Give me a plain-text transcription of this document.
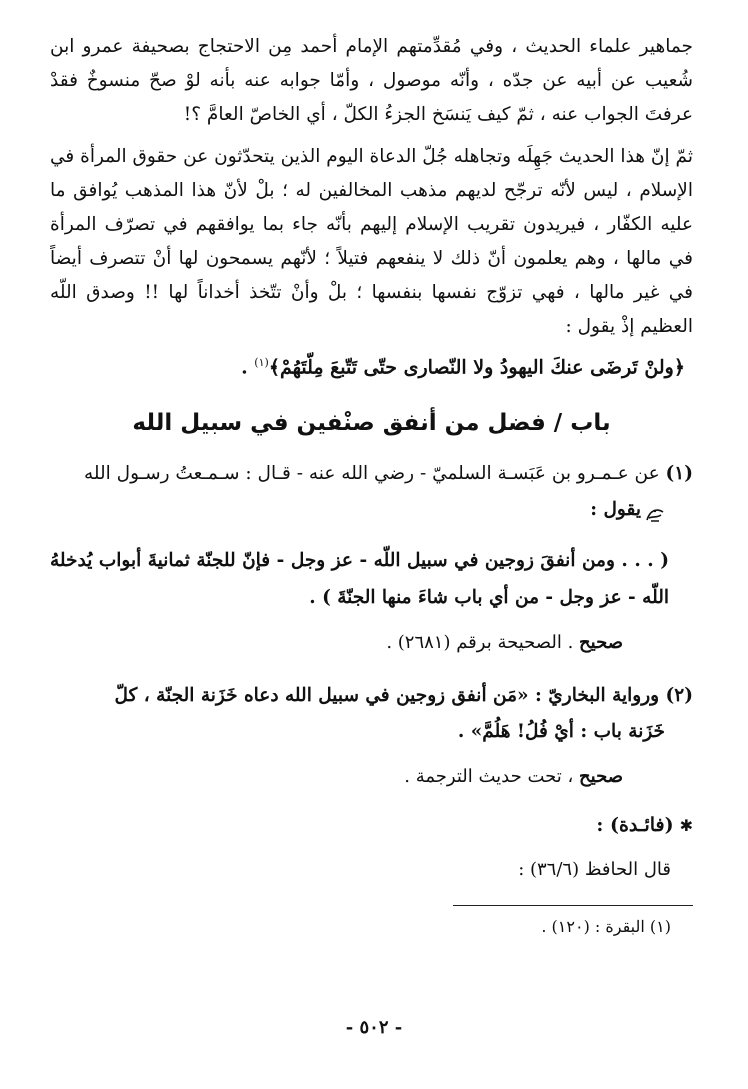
جماهير علماء الحديث ، وفي مُقدِّمتهم الإمام أحمد مِن الاحتجاج بصحيفة عمرو ابن شُعيب عن أبيه عن جدّه ، وأنّه موصول ، وأمّا جوابه عنه بأنه لوْ صحّ منسوخٌ فقدْ عرفتَ الجواب عنه ، ثمّ كيف يَنسَخ الجزءُ الكلّ ، أي الخاصّ العامَّ ؟!

ثمّ إنّ هذا الحديث جَهِلَه وتجاهله جُلّ الدعاة اليوم الذين يتحدّثون عن حقوق المرأة في الإسلام ، ليس لأنّه ترجّح لديهم مذهب المخالفين له ؛ بلْ لأنّ هذا المذهب يُوافق ما عليه الكفّار ، فيريدون تقريب الإسلام إليهم بأنّه جاء بما يوافقهم في تصرّف المرأة في مالها ، وهم يعلمون أنّ ذلك لا ينفعهم فتيلاً ؛ لأنّهم يسمحون لها أنْ تتصرف أيضاً في غير مالها ، فهي تزوّج نفسها بنفسها ؛ بلْ وأنْ تتّخذ أخداناً لها !! وصدق اللّه العظيم إذْ يقول :

﴿ولنْ تَرضَى عنكَ اليهودُ ولا النّصارى حتّى تَتّبعَ مِلّتَهُمْ﴾$^{(١)}$ .

باب / فضل من أنفق صنْفين في سبيل الله

(١) عن عـمـرو بن عَبَسـة السلميّ - رضي الله عنه - قـال : سـمـعتُ رسـول الله

يقول :

( . . . ومن أنفقَ زوجين في سبيل اللّه - عز وجل - فإنّ للجنّة ثمانيةَ أبواب يُدخلهُ اللّه - عز وجل - من أي باب شاءَ منها الجنّةَ ) .

صحيح . الصحيحة برقم (٢٦٨١) .

(٢) ورواية البخاريّ : «مَن أنفق زوجين في سبيل الله دعاه خَزَنة الجنّة ، كلّ

خَزَنة باب : أيْ فُلُ! هَلُمَّ» .

صحيح ، تحت حديث الترجمة .

✱(فائـدة) :

قال الحافظ (٣٦/٦) :

(١) البقرة : (١٢٠) .

- ٥٠٢ -
